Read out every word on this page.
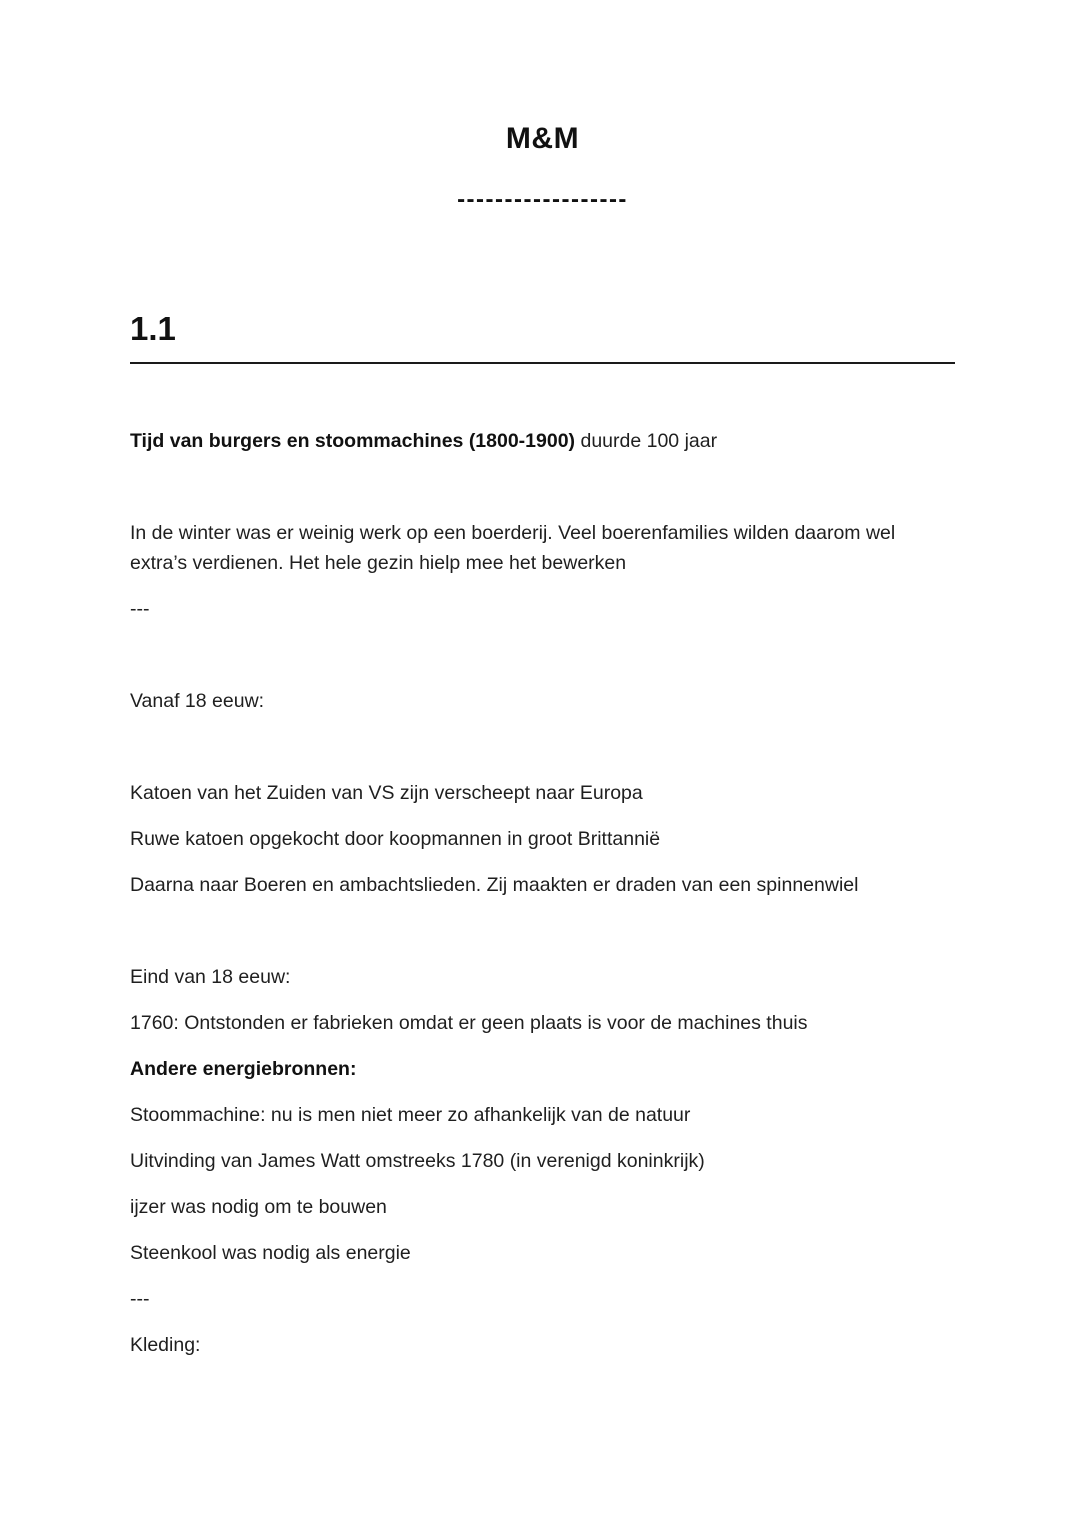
M&M
------------------
1.1

Tijd van burgers en stoommachines (1800-1900) duurde 100 jaar

In de winter was er weinig werk op een boerderij. Veel boerenfamilies wilden daarom wel extra’s verdienen. Het hele gezin hielp mee het bewerken

---

Vanaf 18 eeuw:

Katoen van het Zuiden van VS zijn verscheept naar Europa

Ruwe katoen opgekocht door koopmannen in groot Brittannië

Daarna naar Boeren en ambachtslieden. Zij maakten er draden van een spinnenwiel

Eind van 18 eeuw:

1760: Ontstonden er fabrieken omdat er geen plaats is voor de machines thuis

Andere energiebronnen:

Stoommachine: nu is men niet meer zo afhankelijk van de natuur

Uitvinding van James Watt omstreeks 1780 (in verenigd koninkrijk)

ijzer was nodig om te bouwen

Steenkool was nodig als energie

---

Kleding:
